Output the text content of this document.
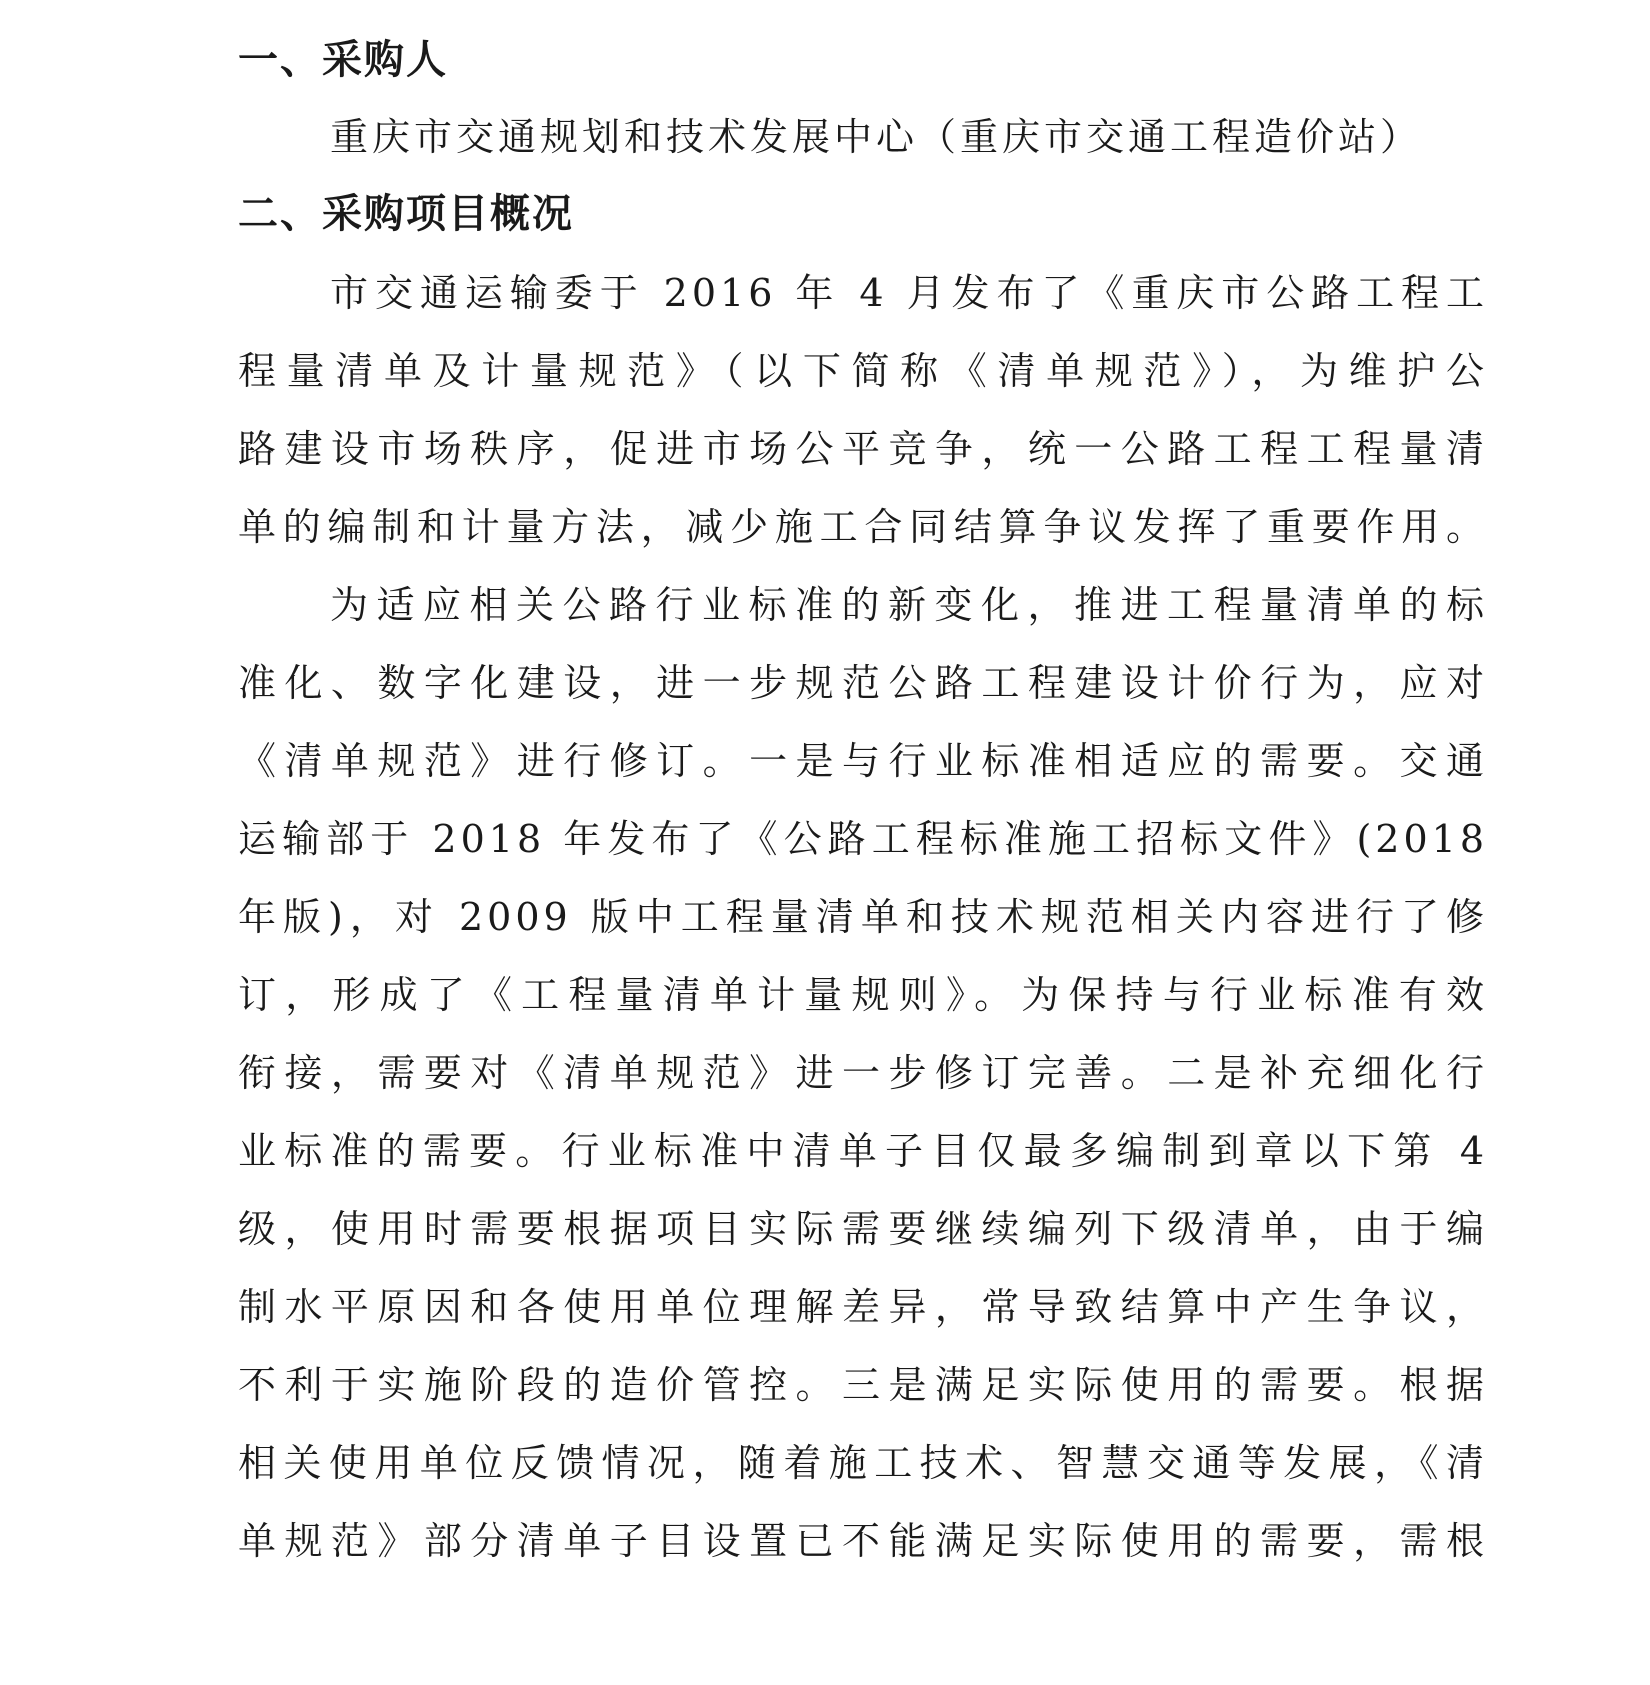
一、采购人
重庆市交通规划和技术发展中心（重庆市交通工程造价站）
二、采购项目概况
市交通运输委于 2016 年 4 月发布了《重庆市公路工程工
程量清单及计量规范》（以下简称《清单规范》），为维护公
路建设市场秩序，促进市场公平竞争，统一公路工程工程量清
单的编制和计量方法，减少施工合同结算争议发挥了重要作用。
为适应相关公路行业标准的新变化，推进工程量清单的标
准化、数字化建设，进一步规范公路工程建设计价行为，应对
《清单规范》进行修订。一是与行业标准相适应的需要。交通
运输部于 2018 年发布了《公路工程标准施工招标文件》(2018
年版)，对 2009 版中工程量清单和技术规范相关内容进行了修
订，形成了《工程量清单计量规则》。为保持与行业标准有效
衔接，需要对《清单规范》进一步修订完善。二是补充细化行
业标准的需要。行业标准中清单子目仅最多编制到章以下第 4
级，使用时需要根据项目实际需要继续编列下级清单，由于编
制水平原因和各使用单位理解差异，常导致结算中产生争议，
不利于实施阶段的造价管控。三是满足实际使用的需要。根据
相关使用单位反馈情况，随着施工技术、智慧交通等发展，《清
单规范》部分清单子目设置已不能满足实际使用的需要，需根
